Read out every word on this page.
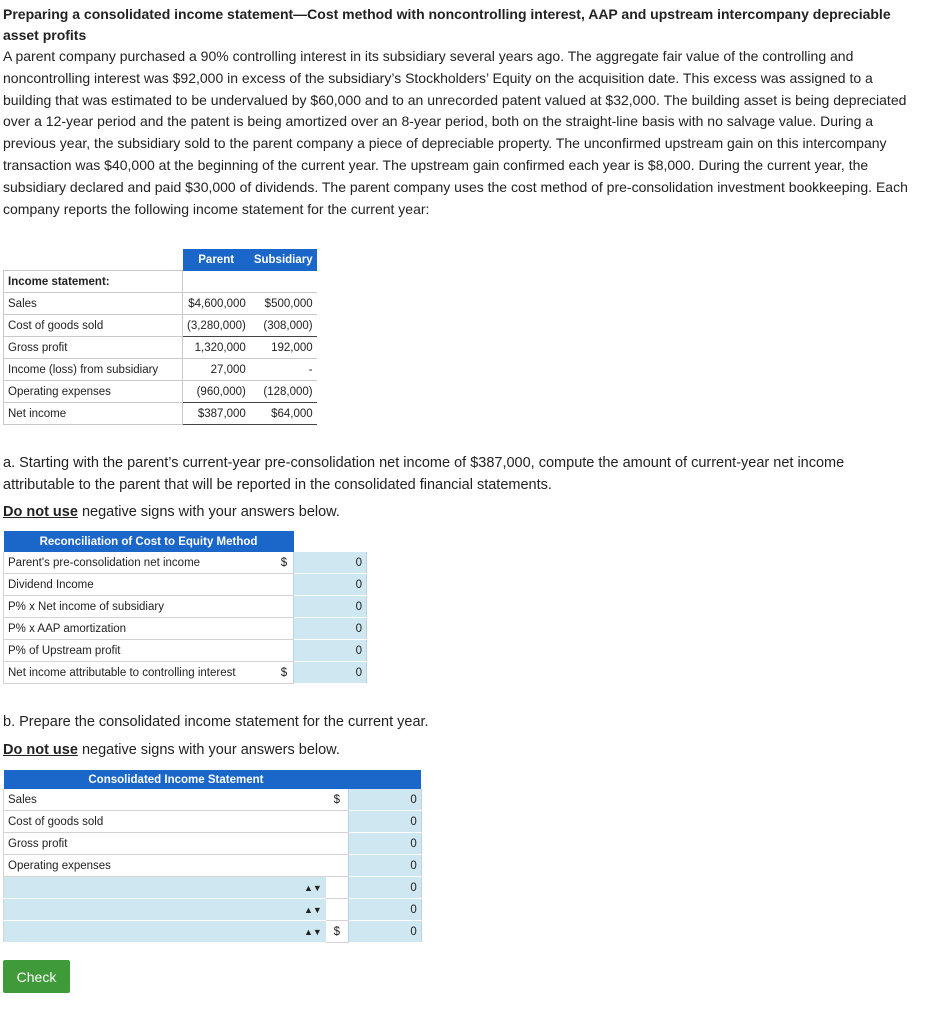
Preparing a consolidated income statement—Cost method with noncontrolling interest, AAP and upstream intercompany depreciable asset profits

A parent company purchased a 90% controlling interest in its subsidiary several years ago. The aggregate fair value of the controlling and noncontrolling interest was $92,000 in excess of the subsidiary’s Stockholders’ Equity on the acquisition date. This excess was assigned to a building that was estimated to be undervalued by $60,000 and to an unrecorded patent valued at $32,000. The building asset is being depreciated over a 12-year period and the patent is being amortized over an 8-year period, both on the straight-line basis with no salvage value. During a previous year, the subsidiary sold to the parent company a piece of depreciable property. The unconfirmed upstream gain on this intercompany transaction was $40,000 at the beginning of the current year. The upstream gain confirmed each year is $8,000. During the current year, the subsidiary declared and paid $30,000 of dividends. The parent company uses the cost method of pre-consolidation investment bookkeeping. Each company reports the following income statement for the current year:

	Parent	Subsidiary
Income statement:		
Sales	$4,600,000	$500,000
Cost of goods sold	(3,280,000)	(308,000)
Gross profit	1,320,000	192,000
Income (loss) from subsidiary	27,000	-
Operating expenses	(960,000)	(128,000)
Net income	$387,000	$64,000

a. Starting with the parent’s current-year pre-consolidation net income of $387,000, compute the amount of current-year net income attributable to the parent that will be reported in the consolidated financial statements.

Do not use negative signs with your answers below.

Reconciliation of Cost to Equity Method		
Parent's pre-consolidation net income	$	0
Dividend Income		0
P% x Net income of subsidiary		0
P% x AAP amortization		0
P% of Upstream profit		0
Net income attributable to controlling interest	$	0

b. Prepare the consolidated income statement for the current year.

Do not use negative signs with your answers below.

Consolidated Income Statement			
Sales		$	0
Cost of goods sold			0
Gross profit			0
Operating expenses			0
	▲▼		0
	▲▼		0
	▲▼	$	0
Check
